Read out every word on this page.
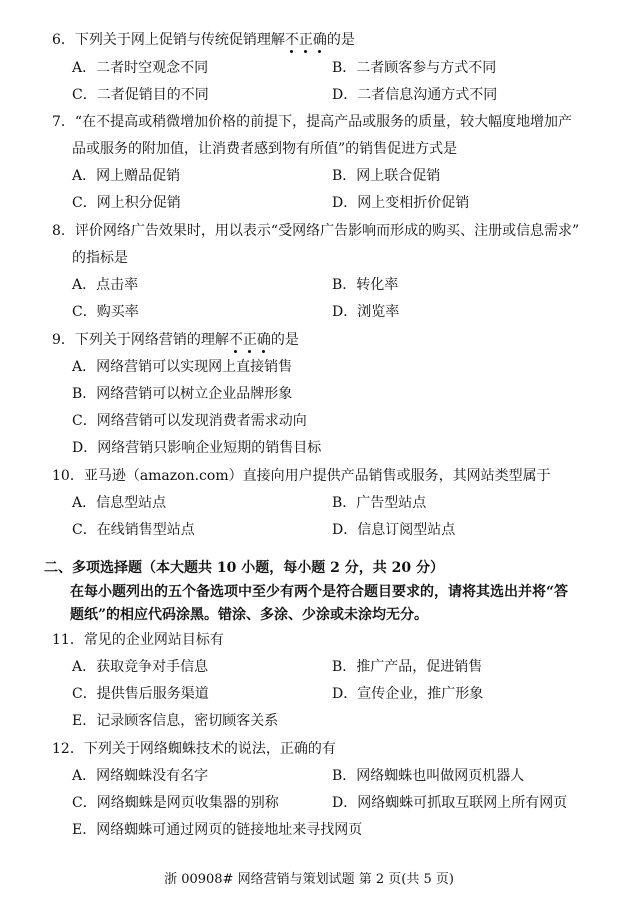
6．下列关于网上促销与传统促销理解不
正
确
的是
A．二者时空观念不同	B．二者顾客参与方式不同
C．二者促销目的不同	D．二者信息沟通方式不同
7．“在不提高或稍微增加价格的前提下，提高产品或服务的质量，较大幅度地增加产
品或服务的附加值，让消费者感到物有所值”的销售促进方式是
A．网上赠品促销	B．网上联合促销
C．网上积分促销	D．网上变相折价促销
8．评价网络广告效果时，用以表示“受网络广告影响而形成的购买、注册或信息需求”
的指标是
A．点击率	B．转化率
C．购买率	D．浏览率
9．下列关于网络营销的理解不
正
确
的是
A．网络营销可以实现网上直接销售
B．网络营销可以树立企业品牌形象
C．网络营销可以发现消费者需求动向
D．网络营销只影响企业短期的销售目标
10．亚马逊（amazon.com）直接向用户提供产品销售或服务，其网站类型属于
A．信息型站点	B．广告型站点
C．在线销售型站点	D．信息订阅型站点
二、多项选择题（本大题共 10 小题，每小题 2 分，共 20 分）
在每小题列出的五个备选项中至少有两个是符合题目要求的，请将其选出并将“答
题纸”的相应代码涂黑。错涂、多涂、少涂或未涂均无分。
11．常见的企业网站目标有
A．获取竞争对手信息	B．推广产品，促进销售
C．提供售后服务渠道	D．宣传企业，推广形象
E．记录顾客信息，密切顾客关系
12．下列关于网络蜘蛛技术的说法，正确的有
A．网络蜘蛛没有名字	B．网络蜘蛛也叫做网页机器人
C．网络蜘蛛是网页收集器的别称	D．网络蜘蛛可抓取互联网上所有网页
E．网络蜘蛛可通过网页的链接地址来寻找网页
浙 00908# 网络营销与策划试题 第 2 页(共 5 页)
